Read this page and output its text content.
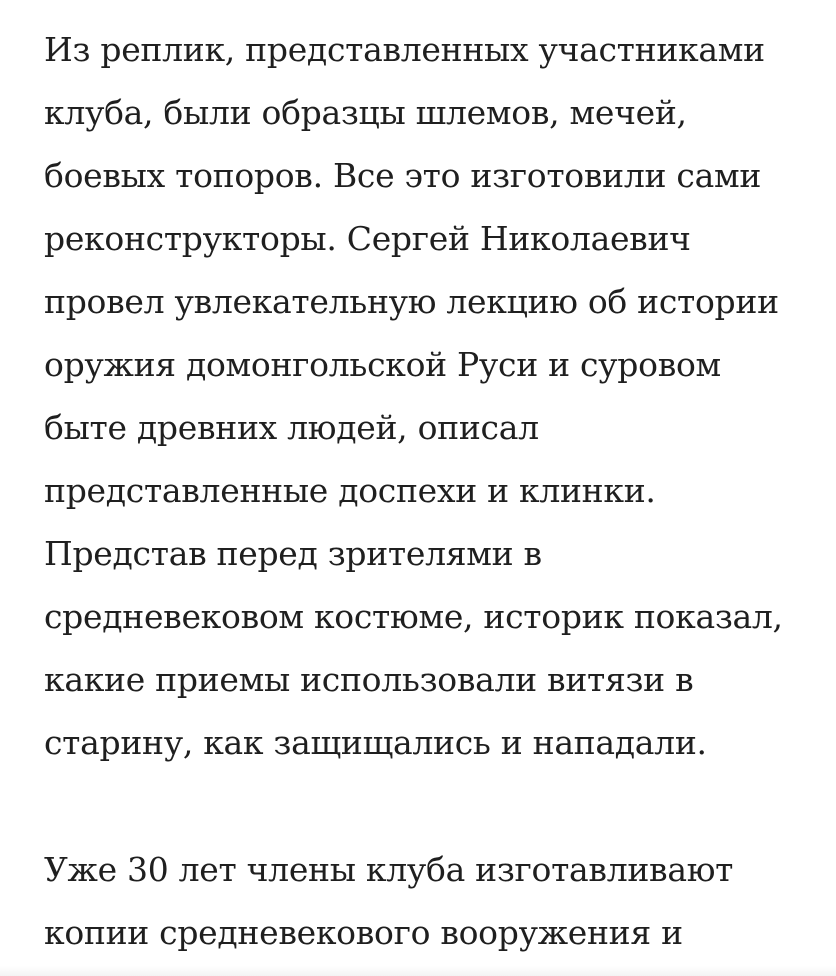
Из реплик, представленных участниками
клуба, были образцы шлемов, мечей,
боевых топоров. Все это изготовили сами
реконструкторы. Сергей Николаевич
провел увлекательную лекцию об истории
оружия домонгольской Руси и суровом
быте древних людей, описал
представленные доспехи и клинки.
Представ перед зрителями в
средневековом костюме, историк показал,
какие приемы использовали витязи в
старину, как защищались и нападали.

Уже 30 лет члены клуба изготавливают
копии средневекового вооружения и
